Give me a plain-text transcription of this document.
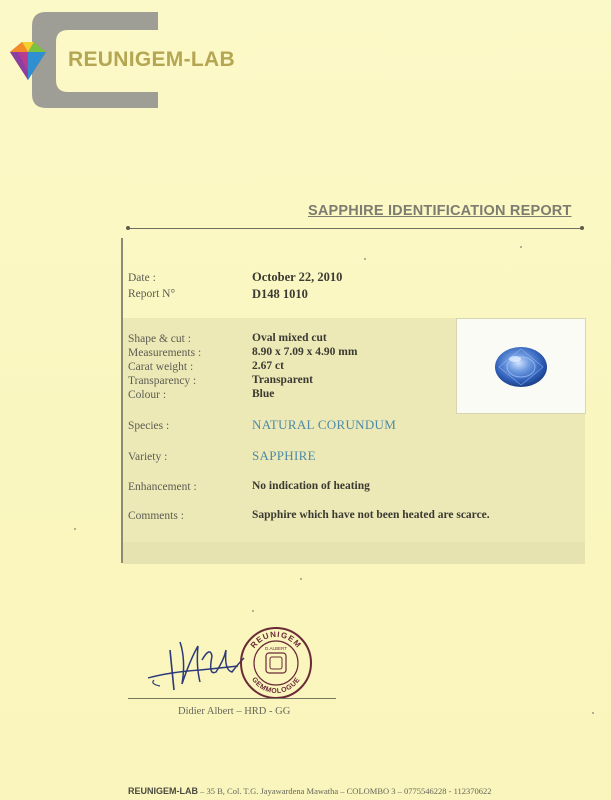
REUNIGEM-LAB
SAPPHIRE IDENTIFICATION REPORT
Date :	October 22, 2010
Report N°	D148 1010
Shape & cut :	Oval mixed cut
Measurements :	8.90 x 7.09 x 4.90 mm
Carat weight :	2.67 ct
Transparency :	Transparent
Colour :	Blue
Species :	NATURAL CORUNDUM
Variety :	SAPPHIRE
Enhancement :	No indication of heating
Comments :	Sapphire which have not been heated are scarce.
REUNIGEM
GEMMOLOGUE
D.ALBERT
Didier Albert – HRD - GG
REUNIGEM-LAB – 35 B, Col. T.G. Jayawardena Mawatha – COLOMBO 3 – 0775546228 - 112370622
